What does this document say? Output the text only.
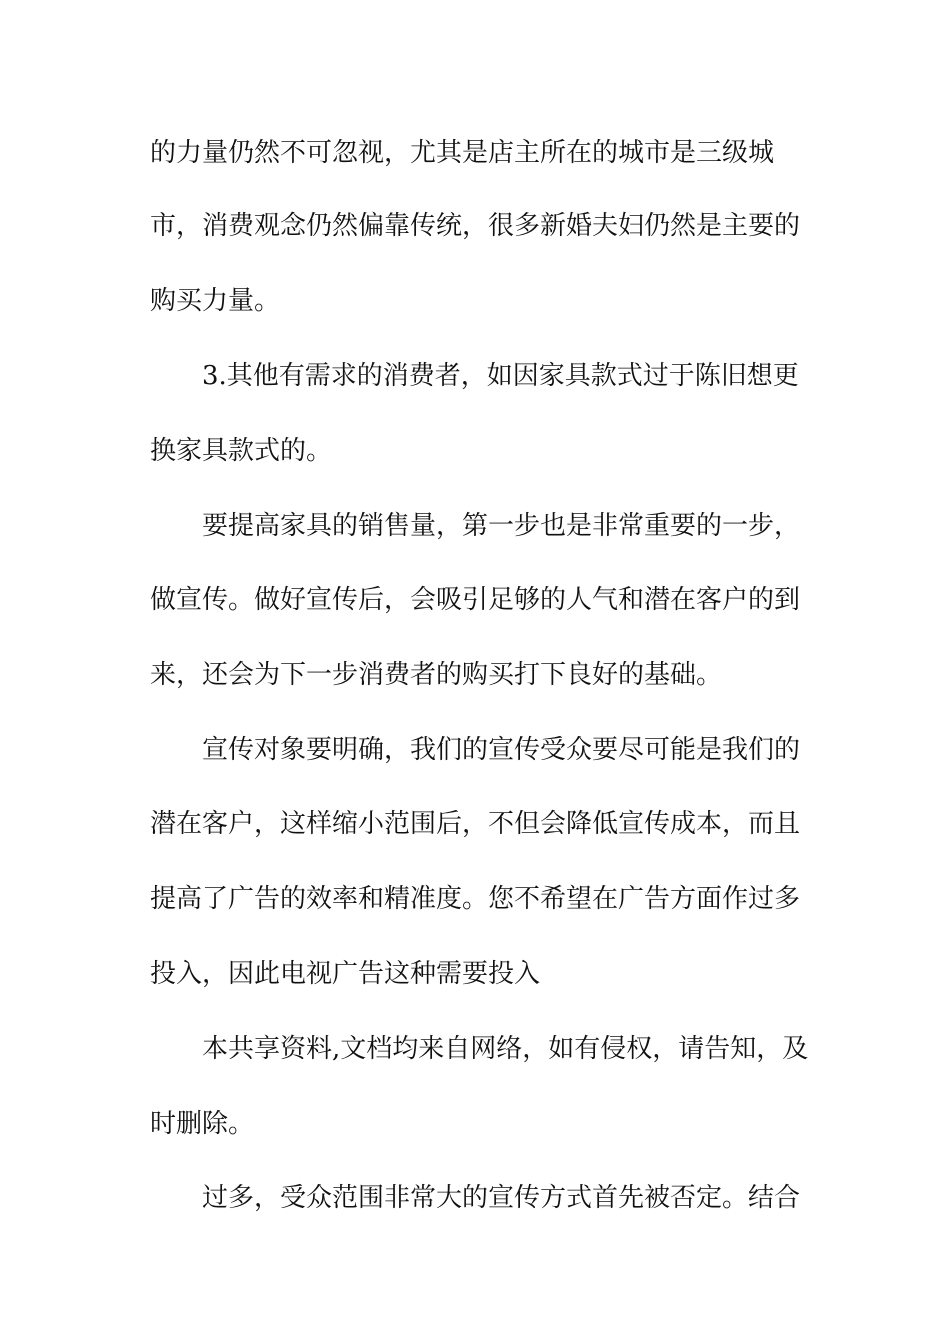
的力量仍然不可忽视，尤其是店主所在的城市是三级城
市，消费观念仍然偏靠传统，很多新婚夫妇仍然是主要的
购买力量。
3.其他有需求的消费者，如因家具款式过于陈旧想更
换家具款式的。
要提高家具的销售量，第一步也是非常重要的一步，
做宣传。做好宣传后，会吸引足够的人气和潜在客户的到
来，还会为下一步消费者的购买打下良好的基础。
宣传对象要明确，我们的宣传受众要尽可能是我们的
潜在客户，这样缩小范围后，不但会降低宣传成本，而且
提高了广告的效率和精准度。您不希望在广告方面作过多
投入，因此电视广告这种需要投入
本共享资料,文档均来自网络，如有侵权，请告知，及
时删除。
过多，受众范围非常大的宣传方式首先被否定。结合
